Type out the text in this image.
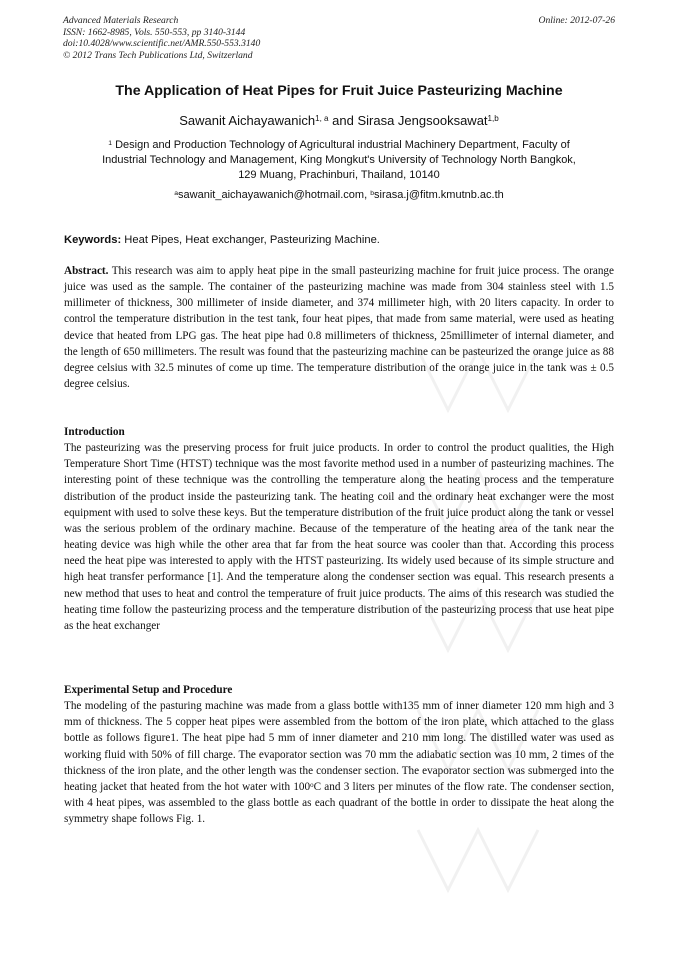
Advanced Materials Research
ISSN: 1662-8985, Vols. 550-553, pp 3140-3144
doi:10.4028/www.scientific.net/AMR.550-553.3140
© 2012 Trans Tech Publications Ltd, Switzerland
Online: 2012-07-26
The Application of Heat Pipes for Fruit Juice Pasteurizing Machine
Sawanit Aichayawanich$^{1, a}$ and Sirasa Jengsooksawat$^{1,b}$
$^1$ Design and Production Technology of Agricultural industrial Machinery Department, Faculty of
Industrial Technology and Management, King Mongkut's University of Technology North Bangkok,
129 Muang, Prachinburi, Thailand, 10140
$^a$sawanit_aichayawanich@hotmail.com, $^b$sirasa.j@fitm.kmutnb.ac.th
Keywords: Heat Pipes, Heat exchanger, Pasteurizing Machine.
Abstract. This research was aim to apply heat pipe in the small pasteurizing machine for fruit juice process. The orange juice was used as the sample. The container of the pasteurizing machine was made from 304 stainless steel with 1.5 millimeter of thickness, 300 millimeter of inside diameter, and 374 millimeter high, with 20 liters capacity. In order to control the temperature distribution in the test tank, four heat pipes, that made from same material, were used as heating device that heated from LPG gas. The heat pipe had 0.8 millimeters of thickness, 25millimeter of internal diameter, and the length of 650 millimeters. The result was found that the pasteurizing machine can be pasteurized the orange juice as 88 degree celsius with 32.5 minutes of come up time. The temperature distribution of the orange juice in the tank was ± 0.5 degree celsius.
Introduction
The pasteurizing was the preserving process for fruit juice products. In order to control the product qualities, the High Temperature Short Time (HTST) technique was the most favorite method used in a number of pasteurizing machines. The interesting point of these technique was the controlling the temperature along the heating process and the temperature distribution of the product inside the pasteurizing tank. The heating coil and the ordinary heat exchanger were the most equipment with used to solve these keys. But the temperature distribution of the fruit juice product along the tank or vessel was the serious problem of the ordinary machine. Because of the temperature of the heating area of the tank near the heating device was high while the other area that far from the heat source was cooler than that. According this process need the heat pipe was interested to apply with the HTST pasteurizing. Its widely used because of its simple structure and high heat transfer performance [1]. And the temperature along the condenser section was equal. This research presents a new method that uses to heat and control the temperature of fruit juice products. The aims of this research was studied the heating time follow the pasteurizing process and the temperature distribution of the pasteurizing process that use heat pipe as the heat exchanger
Experimental Setup and Procedure
The modeling of the pasturing machine was made from a glass bottle with135 mm of inner diameter 120 mm high and 3 mm of thickness. The 5 copper heat pipes were assembled from the bottom of the iron plate, which attached to the glass bottle as follows figure1. The heat pipe had 5 mm of inner diameter and 210 mm long. The distilled water was used as working fluid with 50% of fill charge. The evaporator section was 70 mm the adiabatic section was 10 mm, 2 times of the thickness of the iron plate, and the other length was the condenser section. The evaporator section was submerged into the heating jacket that heated from the hot water with 100$^o$C and 3 liters per minutes of the flow rate. The condenser section, with 4 heat pipes, was assembled to the glass bottle as each quadrant of the bottle in order to dissipate the heat along the symmetry shape follows Fig. 1.
